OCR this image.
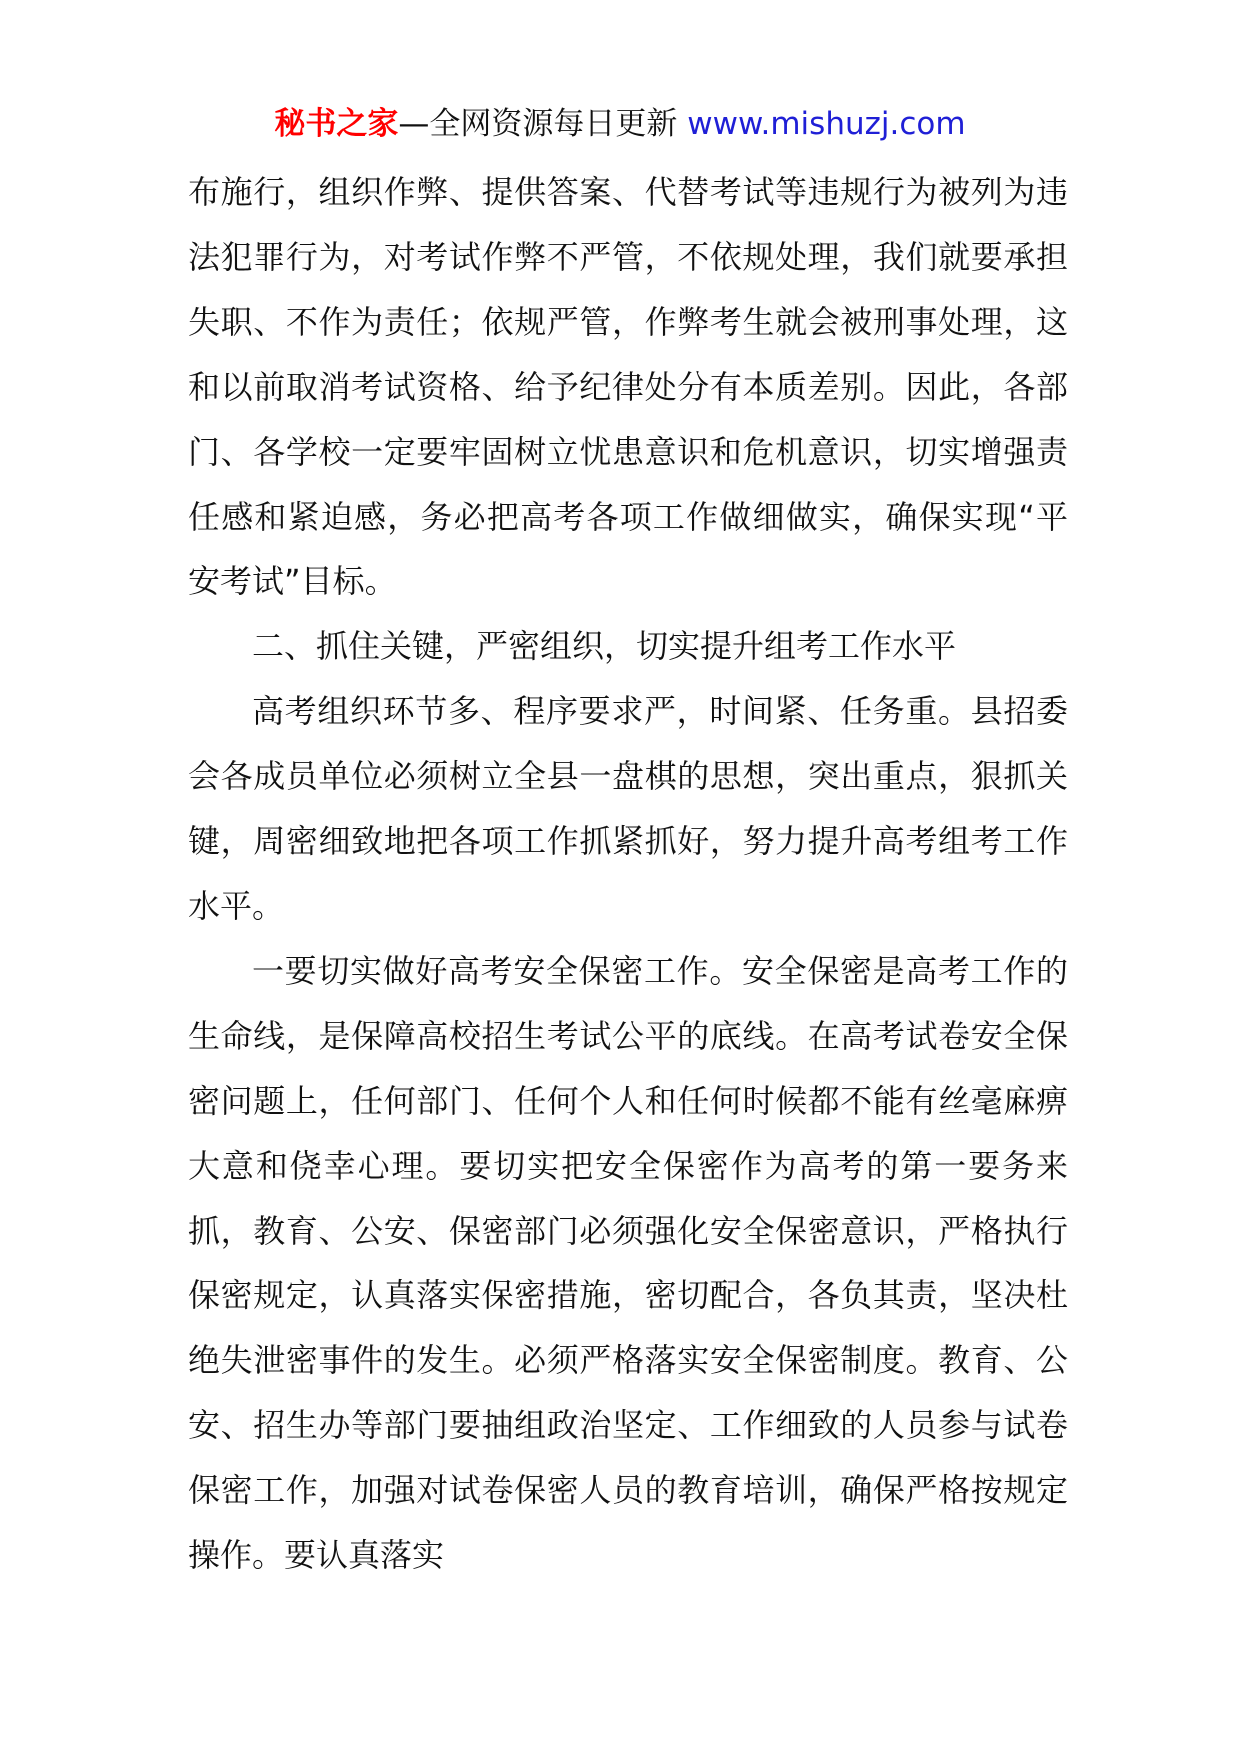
秘书之家—全网资源每日更新 www.mishuzj.com

布施行，组织作弊、提供答案、代替考试等违规行为被列为违法犯罪行为，对考试作弊不严管，不依规处理，我们就要承担失职、不作为责任；依规严管，作弊考生就会被刑事处理，这和以前取消考试资格、给予纪律处分有本质差别。因此，各部门、各学校一定要牢固树立忧患意识和危机意识，切实增强责任感和紧迫感，务必把高考各项工作做细做实，确保实现“平安考试”目标。

二、抓住关键，严密组织，切实提升组考工作水平

高考组织环节多、程序要求严，时间紧、任务重。县招委会各成员单位必须树立全县一盘棋的思想，突出重点，狠抓关键，周密细致地把各项工作抓紧抓好，努力提升高考组考工作水平。

一要切实做好高考安全保密工作。安全保密是高考工作的生命线，是保障高校招生考试公平的底线。在高考试卷安全保密问题上，任何部门、任何个人和任何时候都不能有丝毫麻痹大意和侥幸心理。要切实把安全保密作为高考的第一要务来抓，教育、公安、保密部门必须强化安全保密意识，严格执行保密规定，认真落实保密措施，密切配合，各负其责，坚决杜绝失泄密事件的发生。必须严格落实安全保密制度。教育、公安、招生办等部门要抽组政治坚定、工作细致的人员参与试卷保密工作，加强对试卷保密人员的教育培训，确保严格按规定操作。要认真落实
